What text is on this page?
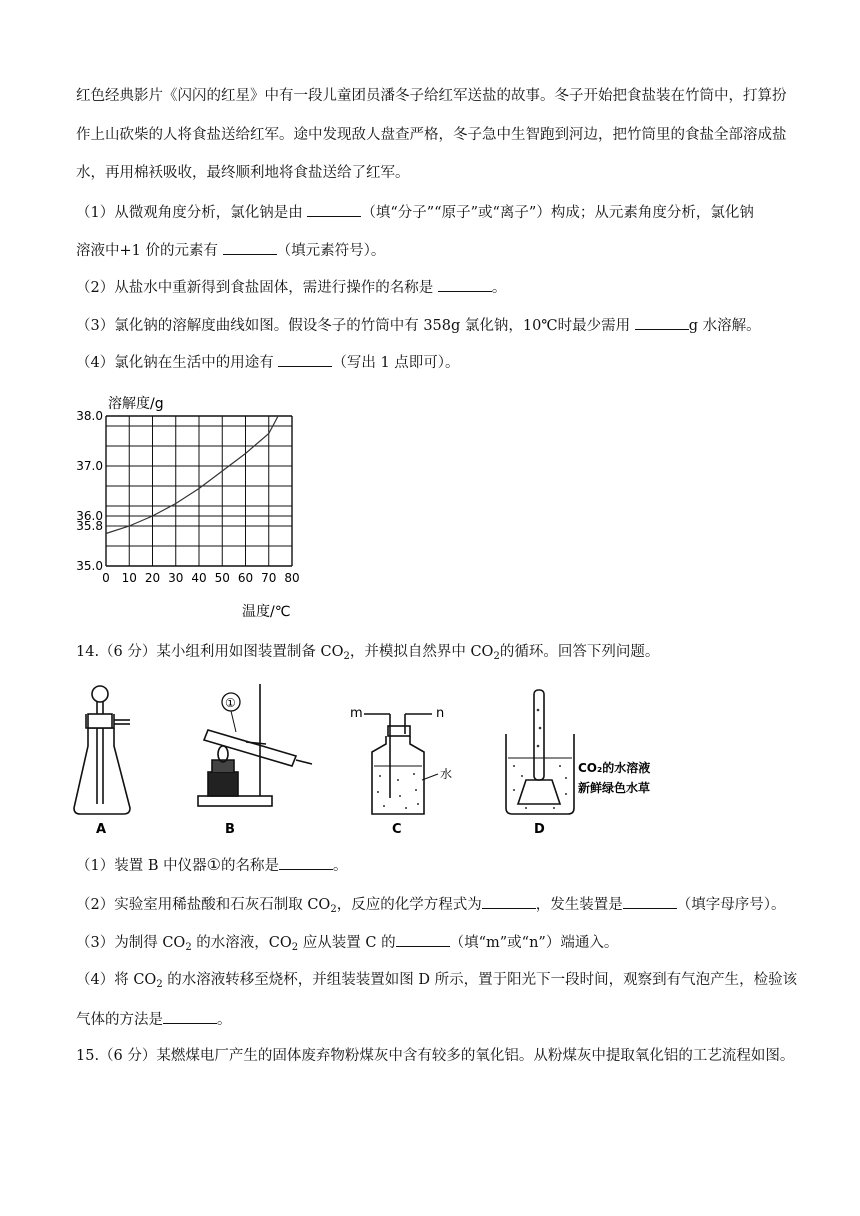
红色经典影片《闪闪的红星》中有一段儿童团员潘冬子给红军送盐的故事。冬子开始把食盐装在竹筒中，打算扮
作上山砍柴的人将食盐送给红军。途中发现敌人盘查严格，冬子急中生智跑到河边，把竹筒里的食盐全部溶成盐
水，再用棉袄吸收，最终顺利地将食盐送给了红军。
（1）从微观角度分析，氯化钠是由	（填“分子”“原子”或“离子”）构成；从元素角度分析，氯化钠
溶液中+1 价的元素有	（填元素符号）。
（2）从盐水中重新得到食盐固体，需进行操作的名称是	。
（3）氯化钠的溶解度曲线如图。假设冬子的竹筒中有 358g 氯化钠，10℃时最少需用	g 水溶解。
（4）氯化钠在生活中的用途有	（写出 1 点即可）。
溶解度/g
35.0
35.8
36.0
37.0
38.0
0 10 20 30 40 50 60 70 80
温度/℃
14.（6 分）某小组利用如图装置制备 $CO_2$，并模拟自然界中 $CO_2$的循环。回答下列问题。
A
①
B
m	n
水
C
CO₂的水溶液
新鲜绿色水草
D
（1）装置 B 中仪器①的名称是	。
（2）实验室用稀盐酸和石灰石制取 $CO_2$，反应的化学方程式为	，发生装置是	（填字母序号）。
（3）为制得 $CO_2$ 的水溶液，$CO_2$ 应从装置 C 的	（填“m”或“n”）端通入。
（4）将 $CO_2$ 的水溶液转移至烧杯，并组装装置如图 D 所示，置于阳光下一段时间，观察到有气泡产生，检验该
气体的方法是	。
15.（6 分）某燃煤电厂产生的固体废弃物粉煤灰中含有较多的氧化铝。从粉煤灰中提取氧化铝的工艺流程如图。
